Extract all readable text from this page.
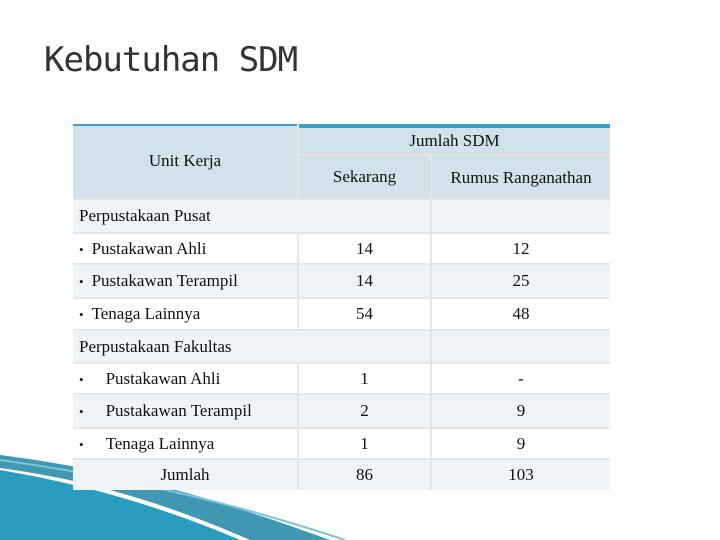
Kebutuhan SDM
Unit Kerja
Jumlah SDM
Sekarang	Rumus Ranganathan
Perpustakaan Pusat
•
Pustakawan Ahli	14	12
•
Pustakawan Terampil	14	25
•
Tenaga Lainnya	54	48
Perpustakaan Fakultas
•
Pustakawan Ahli	1	-
•
Pustakawan Terampil	2	9
•
Tenaga Lainnya	1	9
Jumlah	86	103
